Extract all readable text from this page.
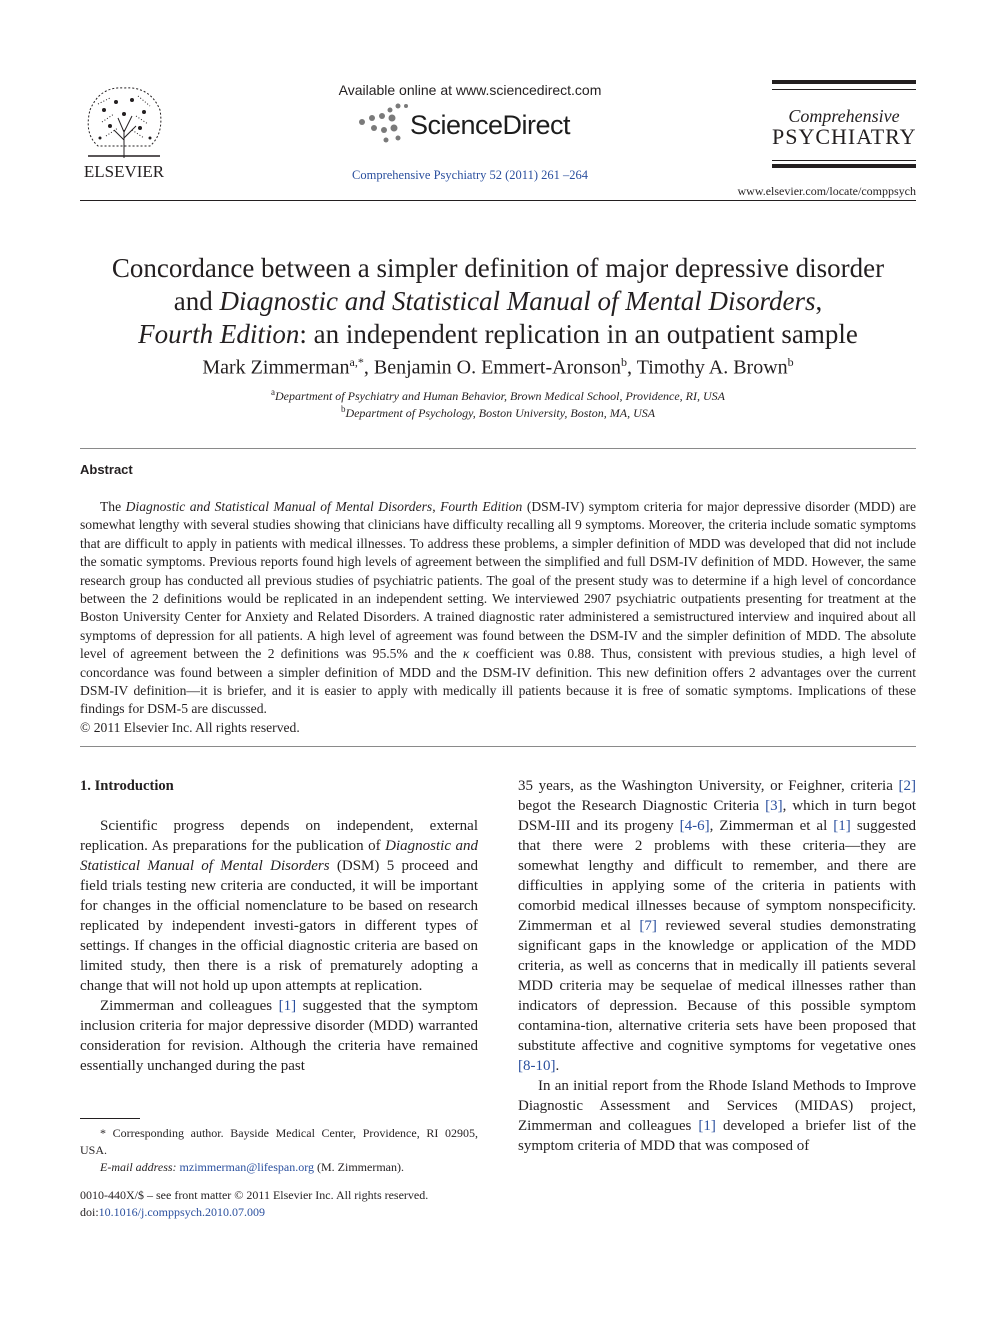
ELSEVIER
Available online at www.sciencedirect.com
ScienceDirect
Comprehensive Psychiatry 52 (2011) 261 –264
Comprehensive
PSYCHIATRY
www.elsevier.com/locate/comppsych
Concordance between a simpler definition of major depressive disorder
and Diagnostic and Statistical Manual of Mental Disorders,
Fourth Edition: an independent replication in an outpatient sample
Mark Zimmerman$^{a,*}$, Benjamin O. Emmert-Aronson$^b$, Timothy A. Brown$^b$
$^a$Department of Psychiatry and Human Behavior, Brown Medical School, Providence, RI, USA
$^b$Department of Psychology, Boston University, Boston, MA, USA
Abstract
The Diagnostic and Statistical Manual of Mental Disorders, Fourth Edition (DSM-IV) symptom criteria for major depressive disorder (MDD) are somewhat lengthy with several studies showing that clinicians have difficulty recalling all 9 symptoms. Moreover, the criteria include somatic symptoms that are difficult to apply in patients with medical illnesses. To address these problems, a simpler definition of MDD was developed that did not include the somatic symptoms. Previous reports found high levels of agreement between the simplified and full DSM-IV definition of MDD. However, the same research group has conducted all previous studies of psychiatric patients. The goal of the present study was to determine if a high level of concordance between the 2 definitions would be replicated in an independent setting. We interviewed 2907 psychiatric outpatients presenting for treatment at the Boston University Center for Anxiety and Related Disorders. A trained diagnostic rater administered a semistructured interview and inquired about all symptoms of depression for all patients. A high level of agreement was found between the DSM-IV and the simpler definition of MDD. The absolute level of agreement between the 2 definitions was 95.5% and the κ coefficient was 0.88. Thus, consistent with previous studies, a high level of concordance was found between a simpler definition of MDD and the DSM-IV definition. This new definition offers 2 advantages over the current DSM-IV definition—it is briefer, and it is easier to apply with medically ill patients because it is free of somatic symptoms. Implications of these findings for DSM-5 are discussed.
© 2011 Elsevier Inc. All rights reserved.
1. Introduction

Scientific progress depends on independent, external replication. As preparations for the publication of Diagnostic and Statistical Manual of Mental Disorders (DSM) 5 proceed and field trials testing new criteria are conducted, it will be important for changes in the official nomenclature to be based on research replicated by independent investi-gators in different types of settings. If changes in the official diagnostic criteria are based on limited study, then there is a risk of prematurely adopting a change that will not hold up upon attempts at replication.

Zimmerman and colleagues [1] suggested that the symptom inclusion criteria for major depressive disorder (MDD) warranted consideration for revision. Although the criteria have remained essentially unchanged during the past

35 years, as the Washington University, or Feighner, criteria [2] begot the Research Diagnostic Criteria [3], which in turn begot DSM-III and its progeny [4-6], Zimmerman et al [1] suggested that there were 2 problems with these criteria—they are somewhat lengthy and difficult to remember, and there are difficulties in applying some of the criteria in patients with comorbid medical illnesses because of symptom nonspecificity. Zimmerman et al [7] reviewed several studies demonstrating significant gaps in the knowledge or application of the MDD criteria, as well as concerns that in medically ill patients several MDD criteria may be sequelae of medical illnesses rather than indicators of depression. Because of this possible symptom contamina-tion, alternative criteria sets have been proposed that substitute affective and cognitive symptoms for vegetative ones [8-10].

In an initial report from the Rhode Island Methods to Improve Diagnostic Assessment and Services (MIDAS) project, Zimmerman and colleagues [1] developed a briefer list of the symptom criteria of MDD that was composed of

* Corresponding author. Bayside Medical Center, Providence, RI 02905, USA.
E-mail address: mzimmerman@lifespan.org (M. Zimmerman).
0010-440X/$ – see front matter © 2011 Elsevier Inc. All rights reserved.
doi:10.1016/j.comppsych.2010.07.009
